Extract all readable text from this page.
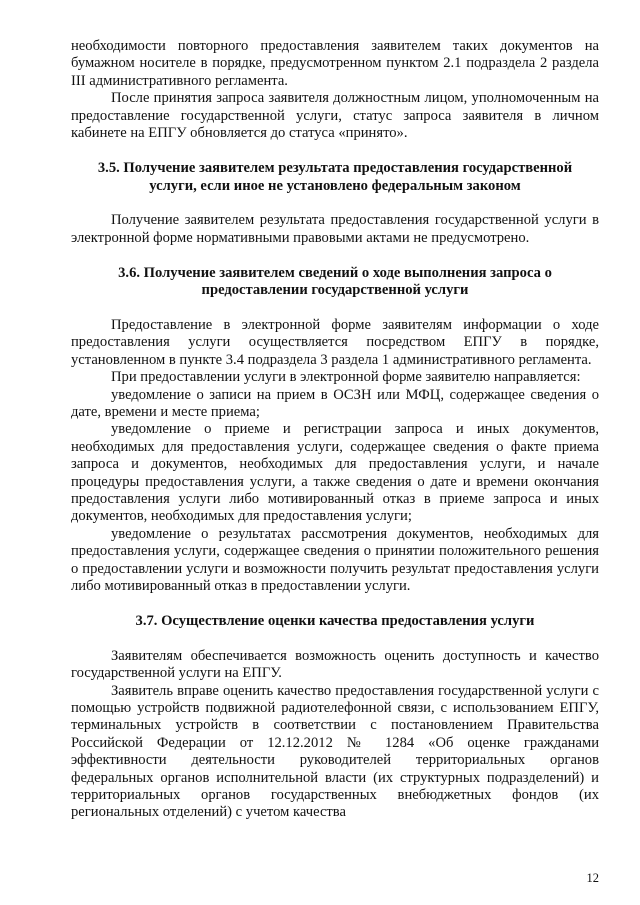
необходимости повторного предоставления заявителем таких документов на бумажном носителе в порядке, предусмотренном пунктом 2.1 подраздела 2 раздела III административного регламента.

После принятия запроса заявителя должностным лицом, уполномоченным на предоставление государственной услуги, статус запроса заявителя в личном кабинете на ЕПГУ обновляется до статуса «принято».

3.5. Получение заявителем результата предоставления государственной услуги, если иное не установлено федеральным законом

Получение заявителем результата предоставления государственной услуги в электронной форме нормативными правовыми актами не предусмотрено.

3.6. Получение заявителем сведений о ходе выполнения запроса о предоставлении государственной услуги

Предоставление в электронной форме заявителям информации о ходе предоставления услуги осуществляется посредством ЕПГУ в порядке, установленном в пункте 3.4 подраздела 3 раздела 1 административного регламента.

При предоставлении услуги в электронной форме заявителю направляется:

уведомление о записи на прием в ОСЗН или МФЦ, содержащее сведения о дате, времени и месте приема;

уведомление о приеме и регистрации запроса и иных документов, необходимых для предоставления услуги, содержащее сведения о факте приема запроса и документов, необходимых для предоставления услуги, и начале процедуры предоставления услуги, а также сведения о дате и времени окончания предоставления услуги либо мотивированный отказ в приеме запроса и иных документов, необходимых для предоставления услуги;

уведомление о результатах рассмотрения документов, необходимых для предоставления услуги, содержащее сведения о принятии положительного решения о предоставлении услуги и возможности получить результат предоставления услуги либо мотивированный отказ в предоставлении услуги.

3.7. Осуществление оценки качества предоставления услуги

Заявителям обеспечивается возможность оценить доступность и качество государственной услуги на ЕПГУ.

Заявитель вправе оценить качество предоставления государственной услуги с помощью устройств подвижной радиотелефонной связи, с использованием ЕПГУ, терминальных устройств в соответствии с постановлением Правительства Российской Федерации от 12.12.2012 № 1284 «Об оценке гражданами эффективности деятельности руководителей территориальных органов федеральных органов исполнительной власти (их структурных подразделений) и территориальных органов государственных внебюджетных фондов (их региональных отделений) с учетом качества

12
